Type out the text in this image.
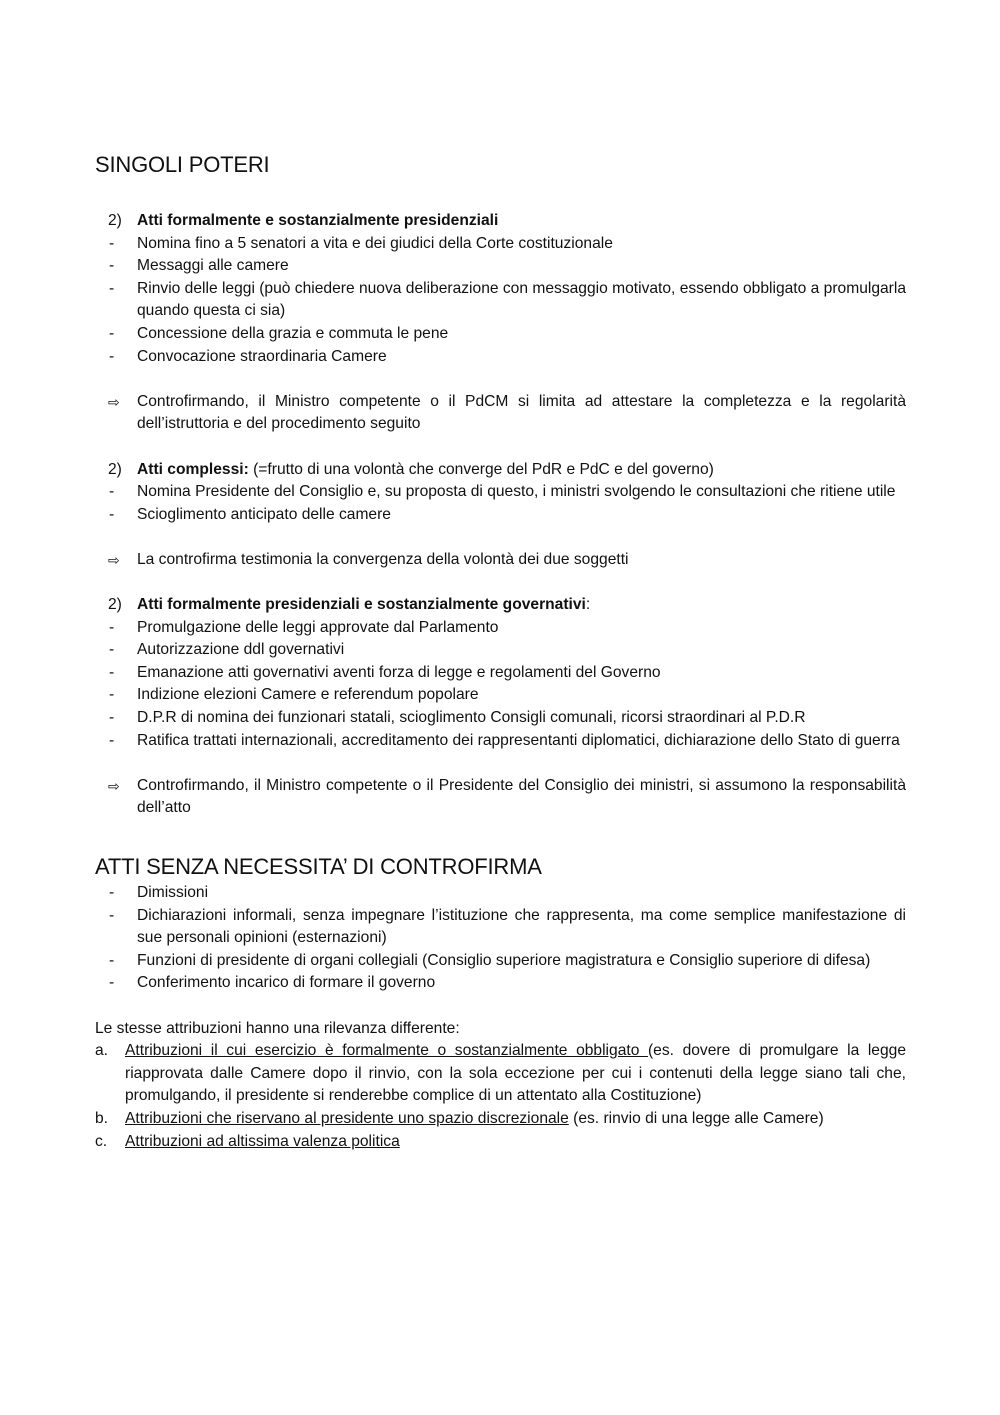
SINGOLI POTERI
2) Atti formalmente e sostanzialmente presidenziali
-	Nomina fino a 5 senatori a vita e dei giudici della Corte costituzionale
-	Messaggi alle camere
-	Rinvio delle leggi (può chiedere nuova deliberazione con messaggio motivato, essendo obbligato a promulgarla quando questa ci sia)
-	Concessione della grazia e commuta le pene
-	Convocazione straordinaria Camere
⇨	Controfirmando, il Ministro competente o il PdCM si limita ad attestare la completezza e la regolarità dell’istruttoria e del procedimento seguito
2) Atti complessi: (=frutto di una volontà che converge del PdR e PdC e del governo)
-	Nomina Presidente del Consiglio e, su proposta di questo, i ministri svolgendo le consultazioni che ritiene utile
-	Scioglimento anticipato delle camere
⇨	La controfirma testimonia la convergenza della volontà dei due soggetti
2) Atti formalmente presidenziali e sostanzialmente governativi:
-	Promulgazione delle leggi approvate dal Parlamento
-	Autorizzazione ddl governativi
-	Emanazione atti governativi aventi forza di legge e regolamenti del Governo
-	Indizione elezioni Camere e referendum popolare
-	D.P.R di nomina dei funzionari statali, scioglimento Consigli comunali, ricorsi straordinari al P.D.R
-	Ratifica trattati internazionali, accreditamento dei rappresentanti diplomatici, dichiarazione dello Stato di guerra
⇨	Controfirmando, il Ministro competente o il Presidente del Consiglio dei ministri, si assumono la responsabilità dell’atto
ATTI SENZA NECESSITA’ DI CONTROFIRMA
-	Dimissioni
-	Dichiarazioni informali, senza impegnare l’istituzione che rappresenta, ma come semplice manifestazione di sue personali opinioni (esternazioni)
-	Funzioni di presidente di organi collegiali (Consiglio superiore magistratura e Consiglio superiore di difesa)
-	Conferimento incarico di formare il governo
Le stesse attribuzioni hanno una rilevanza differente:
a.	Attribuzioni il cui esercizio è formalmente o sostanzialmente obbligato (es. dovere di promulgare la legge riapprovata dalle Camere dopo il rinvio, con la sola eccezione per cui i contenuti della legge siano tali che, promulgando, il presidente si renderebbe complice di un attentato alla Costituzione)
b.	Attribuzioni che riservano al presidente uno spazio discrezionale (es. rinvio di una legge alle Camere)
c.	Attribuzioni ad altissima valenza politica
